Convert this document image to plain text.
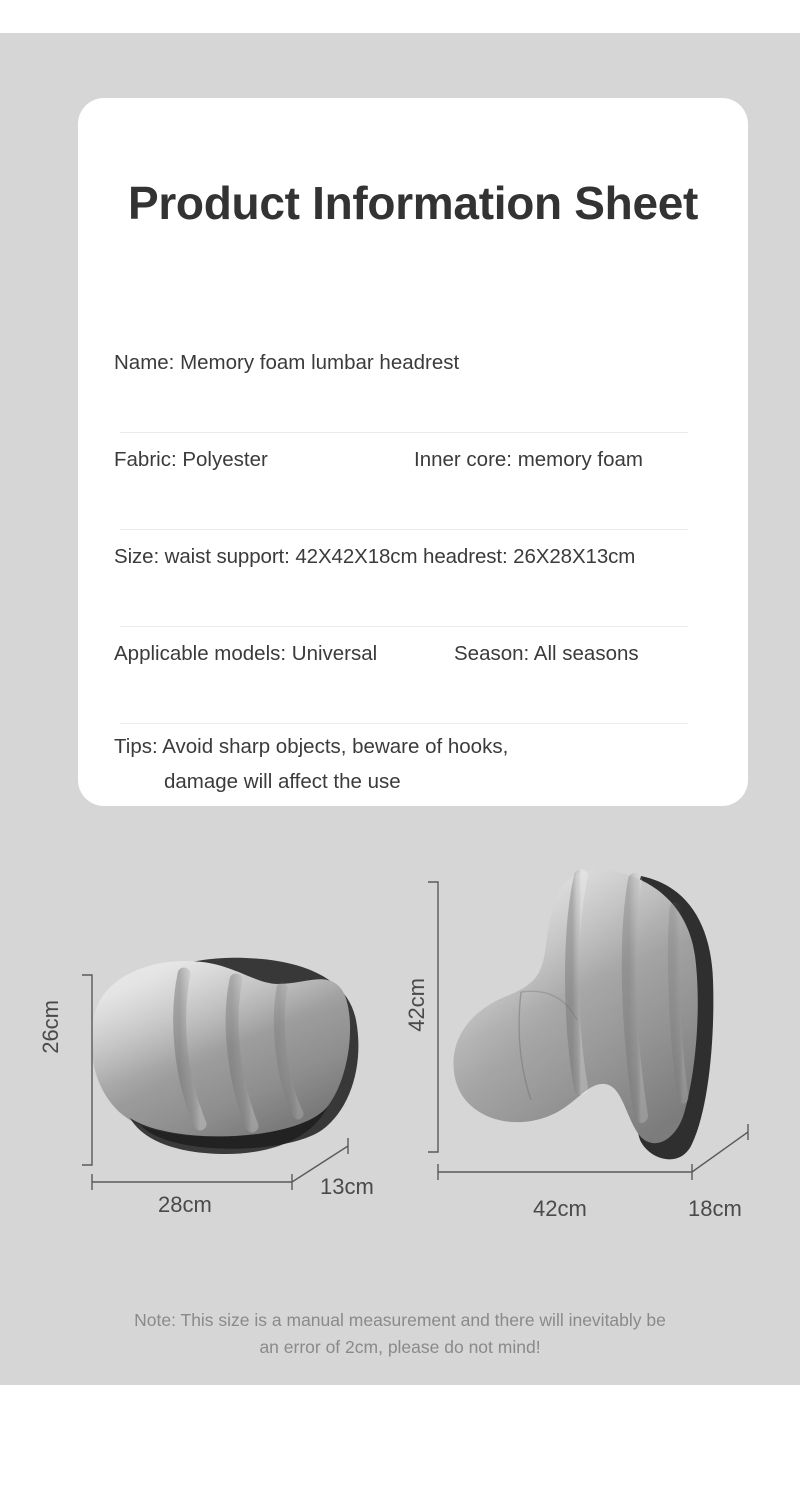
Product Information Sheet
Name: Memory foam lumbar headrest
Fabric: Polyester	Inner core: memory foam
Size: waist support: 42X42X18cm headrest: 26X28X13cm
Applicable models: Universal	Season: All seasons
Tips: Avoid sharp objects, beware of hooks,
damage will affect the use
26cm
28cm
13cm
42cm
42cm	18cm
Note: This size is a manual measurement and there will inevitably be
an error of 2cm, please do not mind!
